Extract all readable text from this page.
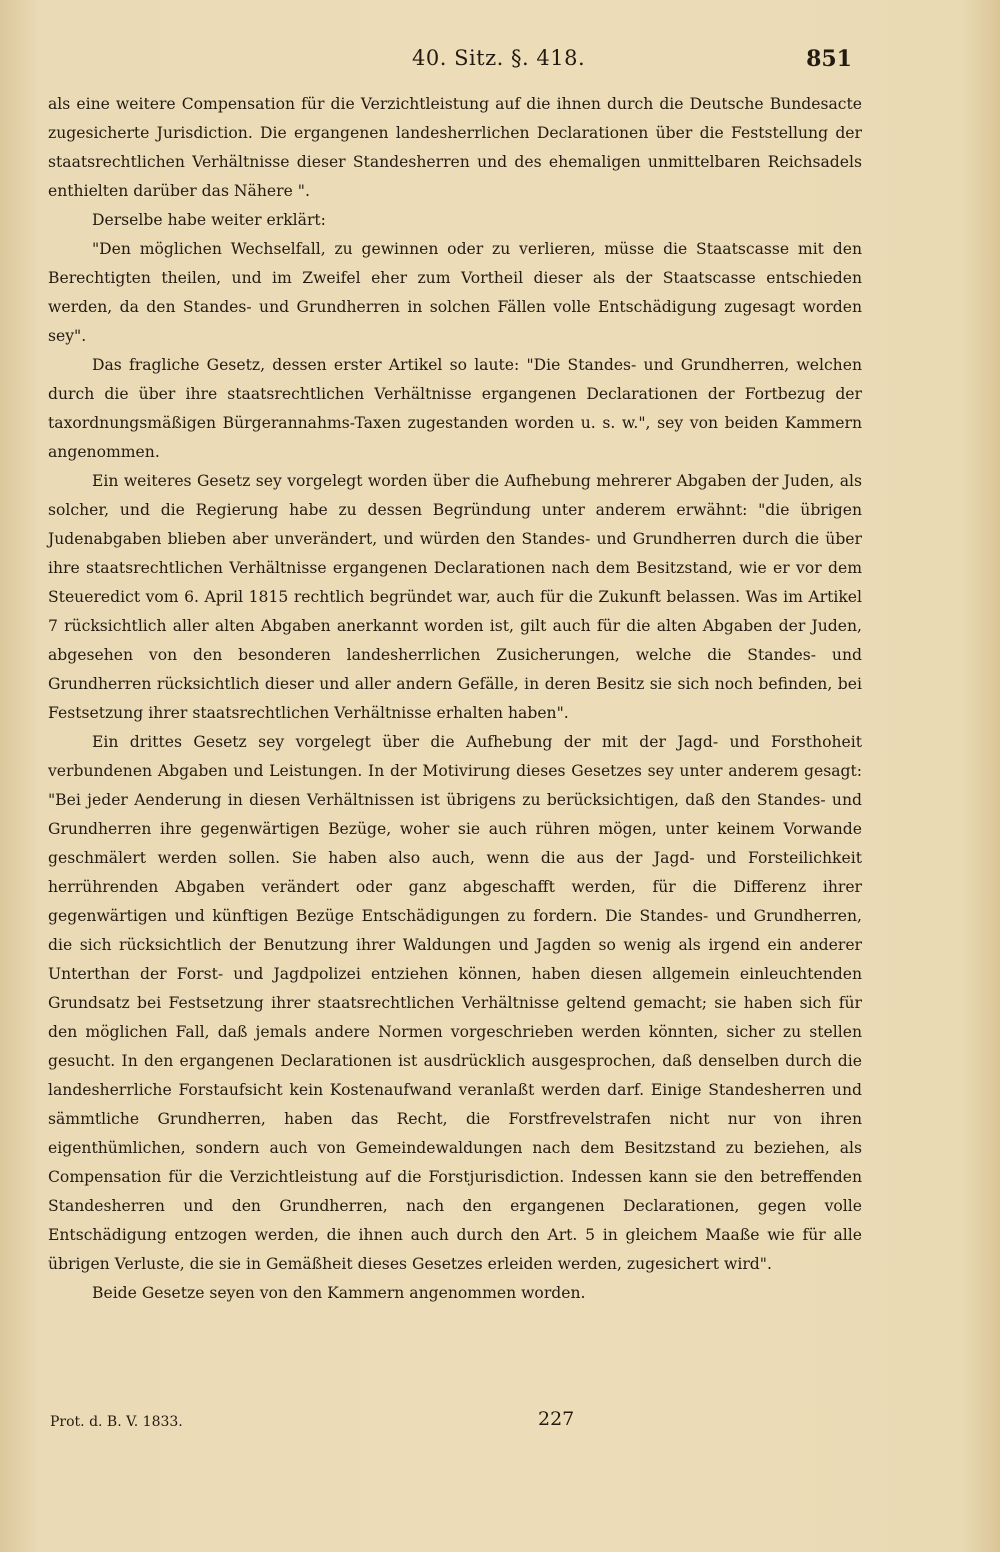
40. Sitz. §. 418.	851

als eine weitere Compensation für die Verzichtleistung auf die ihnen durch die Deutsche Bundesacte zugesicherte Jurisdiction. Die ergangenen landesherrlichen Declarationen über die Feststellung der staatsrechtlichen Verhältnisse dieser Standesherren und des ehemaligen unmittelbaren Reichsadels enthielten darüber das Nähere ".

Derselbe habe weiter erklärt:

"Den möglichen Wechselfall, zu gewinnen oder zu verlieren, müsse die Staatscasse mit den Berechtigten theilen, und im Zweifel eher zum Vortheil dieser als der Staatscasse entschieden werden, da den Standes- und Grundherren in solchen Fällen volle Entschädigung zugesagt worden sey".

Das fragliche Gesetz, dessen erster Artikel so laute: "Die Standes- und Grundherren, welchen durch die über ihre staatsrechtlichen Verhältnisse ergangenen Declarationen der Fortbezug der taxordnungsmäßigen Bürgerannahms-Taxen zugestanden worden u. s. w.", sey von beiden Kammern angenommen.

Ein weiteres Gesetz sey vorgelegt worden über die Aufhebung mehrerer Abgaben der Juden, als solcher, und die Regierung habe zu dessen Begründung unter anderem erwähnt: "die übrigen Judenabgaben blieben aber unverändert, und würden den Standes- und Grundherren durch die über ihre staatsrechtlichen Verhältnisse ergangenen Declarationen nach dem Besitzstand, wie er vor dem Steueredict vom 6. April 1815 rechtlich begründet war, auch für die Zukunft belassen. Was im Artikel 7 rücksichtlich aller alten Abgaben anerkannt worden ist, gilt auch für die alten Abgaben der Juden, abgesehen von den besonderen landesherrlichen Zusicherungen, welche die Standes- und Grundherren rücksichtlich dieser und aller andern Gefälle, in deren Besitz sie sich noch befinden, bei Festsetzung ihrer staatsrechtlichen Verhältnisse erhalten haben".

Ein drittes Gesetz sey vorgelegt über die Aufhebung der mit der Jagd- und Forsthoheit verbundenen Abgaben und Leistungen. In der Motivirung dieses Gesetzes sey unter anderem gesagt: "Bei jeder Aenderung in diesen Verhältnissen ist übrigens zu berücksichtigen, daß den Standes- und Grundherren ihre gegenwärtigen Bezüge, woher sie auch rühren mögen, unter keinem Vorwande geschmälert werden sollen. Sie haben also auch, wenn die aus der Jagd- und Forsteilichkeit herrührenden Abgaben verändert oder ganz abgeschafft werden, für die Differenz ihrer gegenwärtigen und künftigen Bezüge Entschädigungen zu fordern. Die Standes- und Grundherren, die sich rücksichtlich der Benutzung ihrer Waldungen und Jagden so wenig als irgend ein anderer Unterthan der Forst- und Jagdpolizei entziehen können, haben diesen allgemein einleuchtenden Grundsatz bei Festsetzung ihrer staatsrechtlichen Verhältnisse geltend gemacht; sie haben sich für den möglichen Fall, daß jemals andere Normen vorgeschrieben werden könnten, sicher zu stellen gesucht. In den ergangenen Declarationen ist ausdrücklich ausgesprochen, daß denselben durch die landesherrliche Forstaufsicht kein Kostenaufwand veranlaßt werden darf. Einige Standesherren und sämmtliche Grundherren, haben das Recht, die Forstfrevelstrafen nicht nur von ihren eigenthümlichen, sondern auch von Gemeindewaldungen nach dem Besitzstand zu beziehen, als Compensation für die Verzichtleistung auf die Forstjurisdiction. Indessen kann sie den betreffenden Standesherren und den Grundherren, nach den ergangenen Declarationen, gegen volle Entschädigung entzogen werden, die ihnen auch durch den Art. 5 in gleichem Maaße wie für alle übrigen Verluste, die sie in Gemäßheit dieses Gesetzes erleiden werden, zugesichert wird".

Beide Gesetze seyen von den Kammern angenommen worden.

Prot. d. B. V. 1833.	227
